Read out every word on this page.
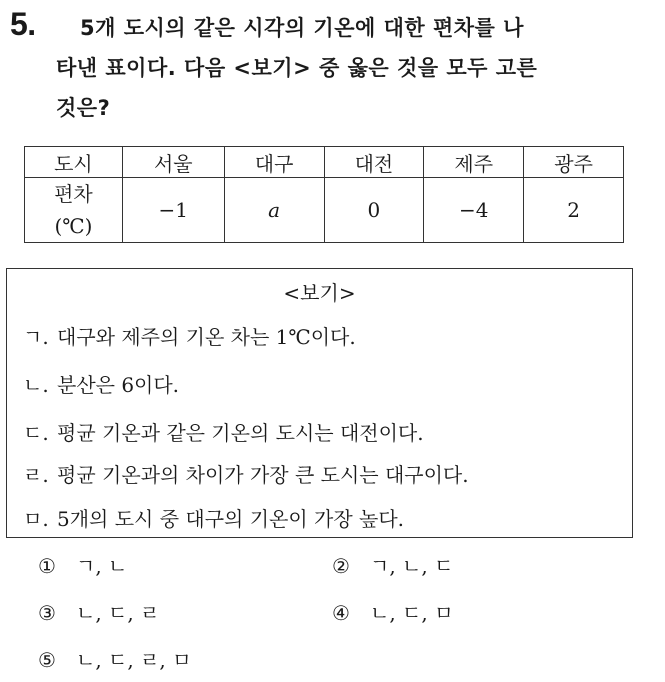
5. 5개 도시의 같은 시각의 기온에 대한 편차를 나
타낸 표이다. 다음 <보기> 중 옳은 것을 모두 고른
것은?
도시	서울	대구	대전	제주	광주

편차
(℃)	−1	a	0	−4	2
<보기>
ㄱ. 대구와 제주의 기온 차는 1℃이다.
ㄴ. 분산은 6이다.
ㄷ. 평균 기온과 같은 기온의 도시는 대전이다.
ㄹ. 평균 기온과의 차이가 가장 큰 도시는 대구이다.
ㅁ. 5개의 도시 중 대구의 기온이 가장 높다.
① ㄱ, ㄴ	② ㄱ, ㄴ, ㄷ
③ ㄴ, ㄷ, ㄹ	④ ㄴ, ㄷ, ㅁ
⑤ ㄴ, ㄷ, ㄹ, ㅁ
